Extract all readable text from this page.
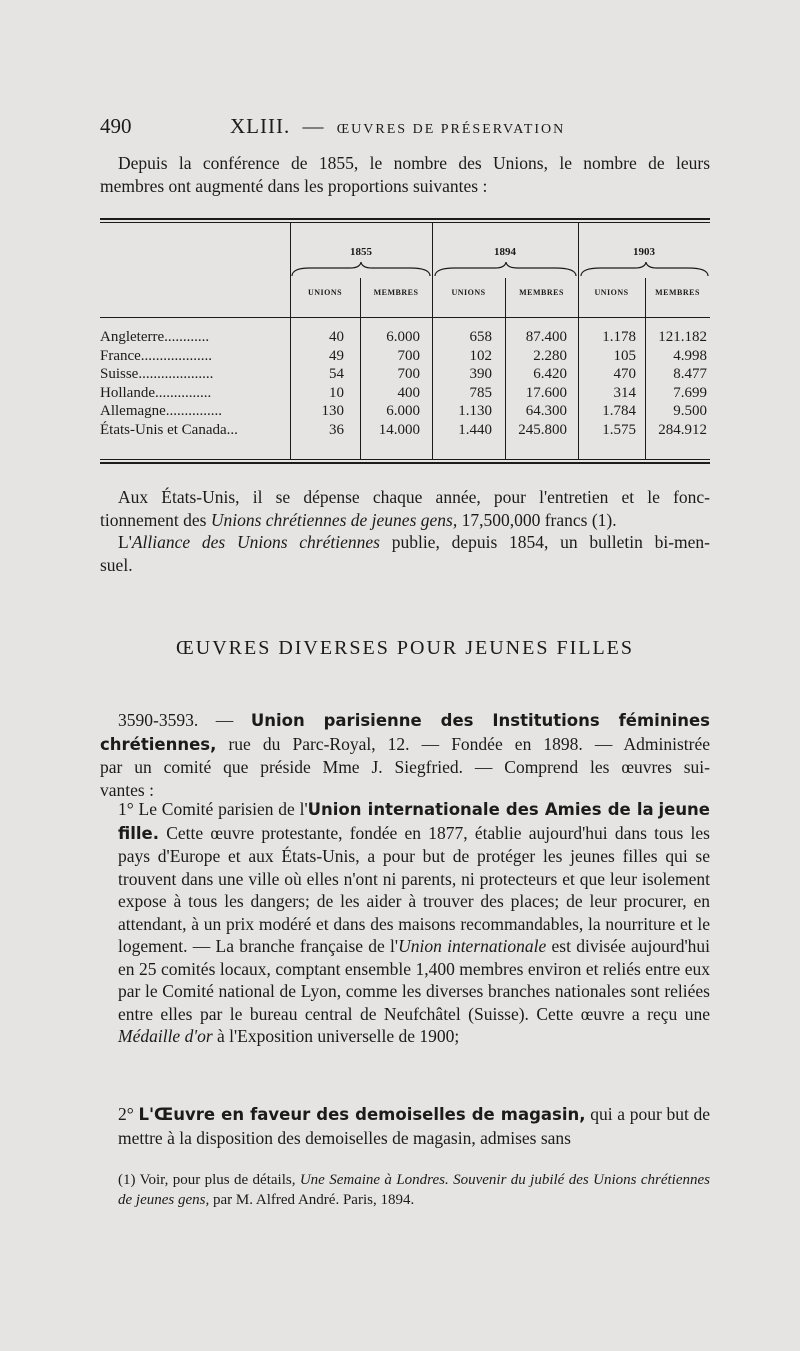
490	XLIII. — ŒUVRES DE PRÉSERVATION
Depuis la conférence de 1855, le nombre des Unions, le nombre de leurs
membres ont augmenté dans les proportions suivantes :
1855	1894	1903
UNIONS	MEMBRES	UNIONS	MEMBRES	UNIONS	MEMBRES
Angleterre............	40	6.000	658	87.400	1.178	121.182
France...................	49	700	102	2.280	105	4.998
Suisse....................	54	700	390	6.420	470	8.477
Hollande...............	10	400	785	17.600	314	7.699
Allemagne...............	130	6.000	1.130	64.300	1.784	9.500
États-Unis et Canada...	36	14.000	1.440	245.800	1.575	284.912
Aux États-Unis, il se dépense chaque année, pour l'entretien et le fonc-
tionnement des Unions chrétiennes de jeunes gens, 17,500,000 francs (1).
L'Alliance des Unions chrétiennes publie, depuis 1854, un bulletin bi-men-
suel.
ŒUVRES DIVERSES POUR JEUNES FILLES
3590-3593. — Union parisienne des Institutions féminines
chrétiennes, rue du Parc-Royal, 12. — Fondée en 1898. — Administrée
par un comité que préside Mme J. Siegfried. — Comprend les œuvres sui-
vantes :
1° Le Comité parisien de l'Union internationale des Amies de la jeune fille. Cette œuvre protestante, fondée en 1877, établie aujourd'hui dans tous les pays d'Europe et aux États-Unis, a pour but de protéger les jeunes filles qui se trouvent dans une ville où elles n'ont ni parents, ni protecteurs et que leur isolement expose à tous les dangers; de les aider à trouver des places; de leur procurer, en attendant, à un prix modéré et dans des maisons recommandables, la nourriture et le logement. — La branche française de l'Union internationale est divisée aujourd'hui en 25 comités locaux, comptant ensemble 1,400 membres environ et reliés entre eux par le Comité national de Lyon, comme les diverses branches nationales sont reliées entre elles par le bureau central de Neufchâtel (Suisse). Cette œuvre a reçu une Médaille d'or à l'Exposition universelle de 1900;
2° L'Œuvre en faveur des demoiselles de magasin, qui a pour but de mettre à la disposition des demoiselles de magasin, admises sans
(1) Voir, pour plus de détails, Une Semaine à Londres. Souvenir du jubilé des Unions chrétiennes de jeunes gens, par M. Alfred André. Paris, 1894.
